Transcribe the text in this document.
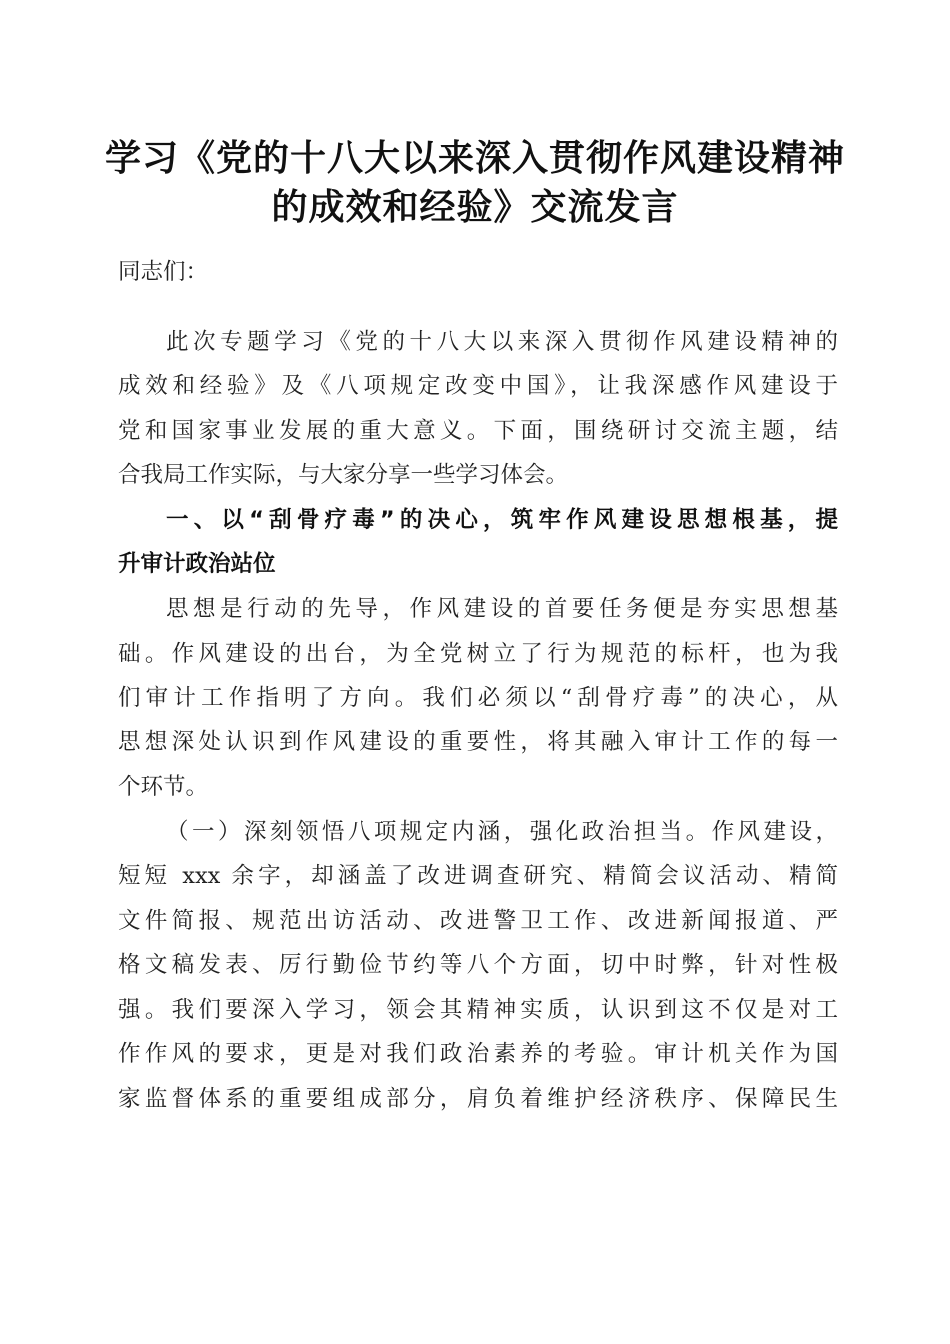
学习《党的十八大以来深入贯彻作风建设精神
的成效和经验》交流发言
同志们：
此次专题学习《党的十八大以来深入贯彻作风建设精神的
成效和经验》及《八项规定改变中国》，让我深感作风建设于
党和国家事业发展的重大意义。下面，围绕研讨交流主题，结
合我局工作实际，与大家分享一些学习体会。
一、以“刮骨疗毒”的决心，筑牢作风建设思想根基，提
升审计政治站位
思想是行动的先导，作风建设的首要任务便是夯实思想基
础。作风建设的出台，为全党树立了行为规范的标杆，也为我
们审计工作指明了方向。我们必须以“刮骨疗毒”的决心，从
思想深处认识到作风建设的重要性，将其融入审计工作的每一
个环节。
（一）深刻领悟八项规定内涵，强化政治担当。作风建设，
短短 xxx 余字，却涵盖了改进调查研究、精简会议活动、精简
文件简报、规范出访活动、改进警卫工作、改进新闻报道、严
格文稿发表、厉行勤俭节约等八个方面，切中时弊，针对性极
强。我们要深入学习，领会其精神实质，认识到这不仅是对工
作作风的要求，更是对我们政治素养的考验。审计机关作为国
家监督体系的重要组成部分，肩负着维护经济秩序、保障民生
